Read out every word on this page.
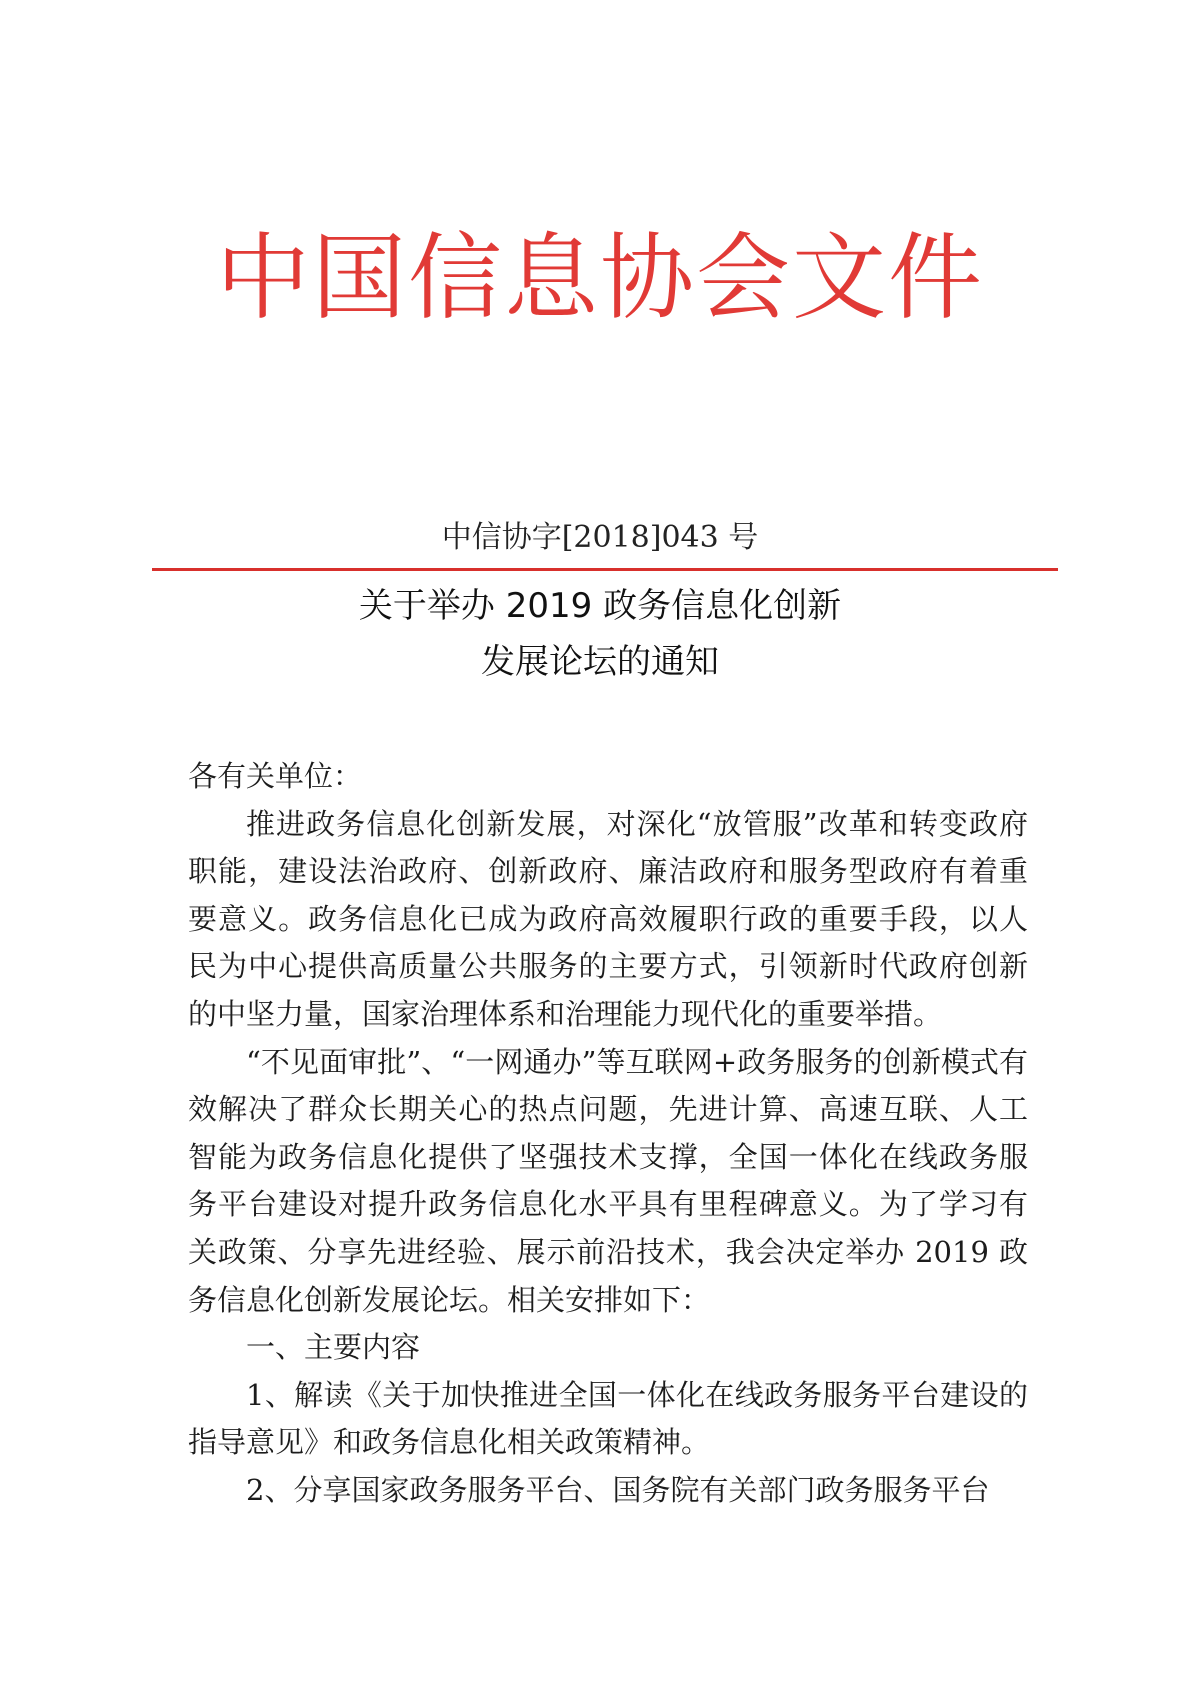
中国信息协会文件
中信协字[2018]043 号
关于举办 2019 政务信息化创新
发展论坛的通知

各有关单位：

推进政务信息化创新发展，对深化“放管服”改革和转变政府职能，建设法治政府、创新政府、廉洁政府和服务型政府有着重要意义。政务信息化已成为政府高效履职行政的重要手段，以人民为中心提供高质量公共服务的主要方式，引领新时代政府创新的中坚力量，国家治理体系和治理能力现代化的重要举措。

“不见面审批”、“一网通办”等互联网+政务服务的创新模式有效解决了群众长期关心的热点问题，先进计算、高速互联、人工智能为政务信息化提供了坚强技术支撑，全国一体化在线政务服务平台建设对提升政务信息化水平具有里程碑意义。为了学习有关政策、分享先进经验、展示前沿技术，我会决定举办 2019 政务信息化创新发展论坛。相关安排如下：

一、主要内容

1、解读《关于加快推进全国一体化在线政务服务平台建设的指导意见》和政务信息化相关政策精神。

2、分享国家政务服务平台、国务院有关部门政务服务平台
